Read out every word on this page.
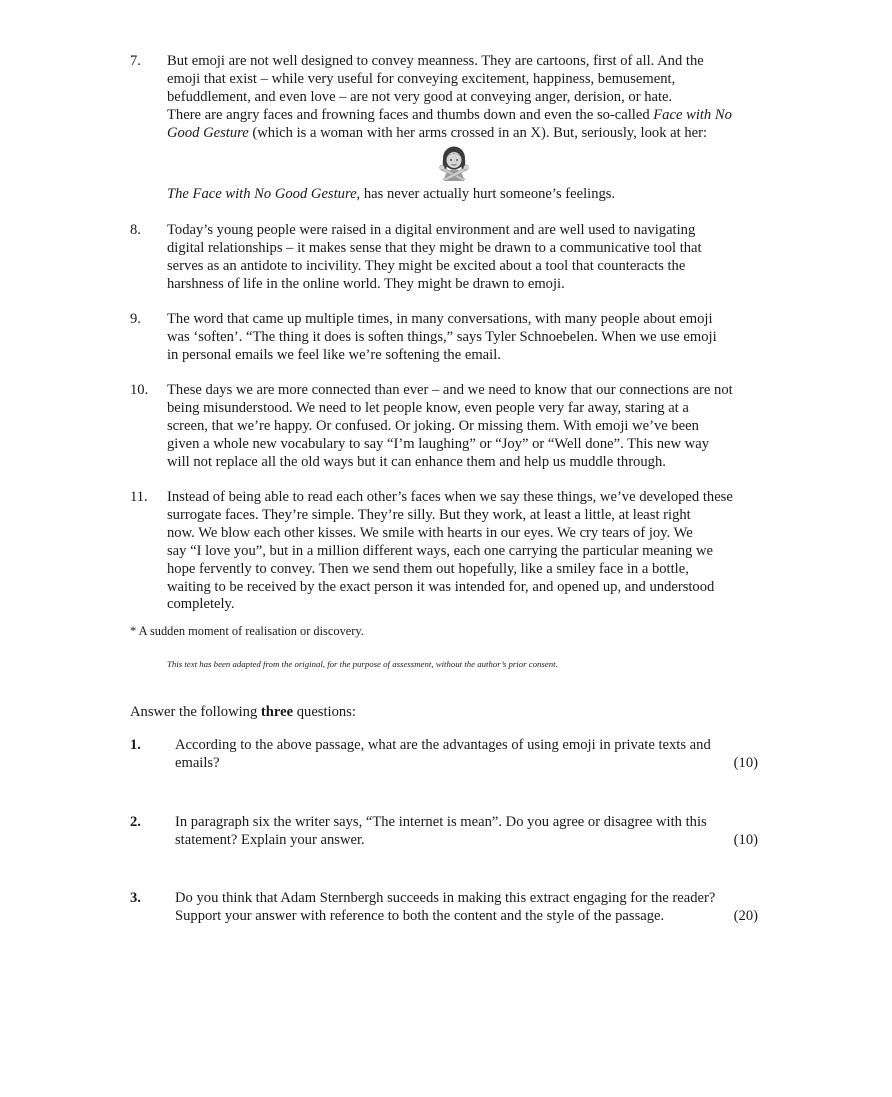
7. But emoji are not well designed to convey meanness. They are cartoons, first of all. And the
emoji that exist – while very useful for conveying excitement, happiness, bemusement,
befuddlement, and even love – are not very good at conveying anger, derision, or hate.
There are angry faces and frowning faces and thumbs down and even the so-called Face with No
Good Gesture (which is a woman with her arms crossed in an X). But, seriously, look at her:
The Face with No Good Gesture, has never actually hurt someone’s feelings.
8. Today’s young people were raised in a digital environment and are well used to navigating
digital relationships – it makes sense that they might be drawn to a communicative tool that
serves as an antidote to incivility. They might be excited about a tool that counteracts the
harshness of life in the online world. They might be drawn to emoji.
9. The word that came up multiple times, in many conversations, with many people about emoji
was ‘soften’. “The thing it does is soften things,” says Tyler Schnoebelen. When we use emoji
in personal emails we feel like we’re softening the email.
10. These days we are more connected than ever – and we need to know that our connections are not
being misunderstood. We need to let people know, even people very far away, staring at a
screen, that we’re happy. Or confused. Or joking. Or missing them. With emoji we’ve been
given a whole new vocabulary to say “I’m laughing” or “Joy” or “Well done”. This new way
will not replace all the old ways but it can enhance them and help us muddle through.
11. Instead of being able to read each other’s faces when we say these things, we’ve developed these
surrogate faces. They’re simple. They’re silly. But they work, at least a little, at least right
now. We blow each other kisses. We smile with hearts in our eyes. We cry tears of joy. We
say “I love you”, but in a million different ways, each one carrying the particular meaning we
hope fervently to convey. Then we send them out hopefully, like a smiley face in a bottle,
waiting to be received by the exact person it was intended for, and opened up, and understood
completely.
* A sudden moment of realisation or discovery.
This text has been adapted from the original, for the purpose of assessment, without the author’s prior consent.
Answer the following three questions:
1. According to the above passage, what are the advantages of using emoji in private texts and
emails?	(10)
2. In paragraph six the writer says, “The internet is mean”. Do you agree or disagree with this
statement? Explain your answer.	(10)
3. Do you think that Adam Sternbergh succeeds in making this extract engaging for the reader?
Support your answer with reference to both the content and the style of the passage.	(20)
